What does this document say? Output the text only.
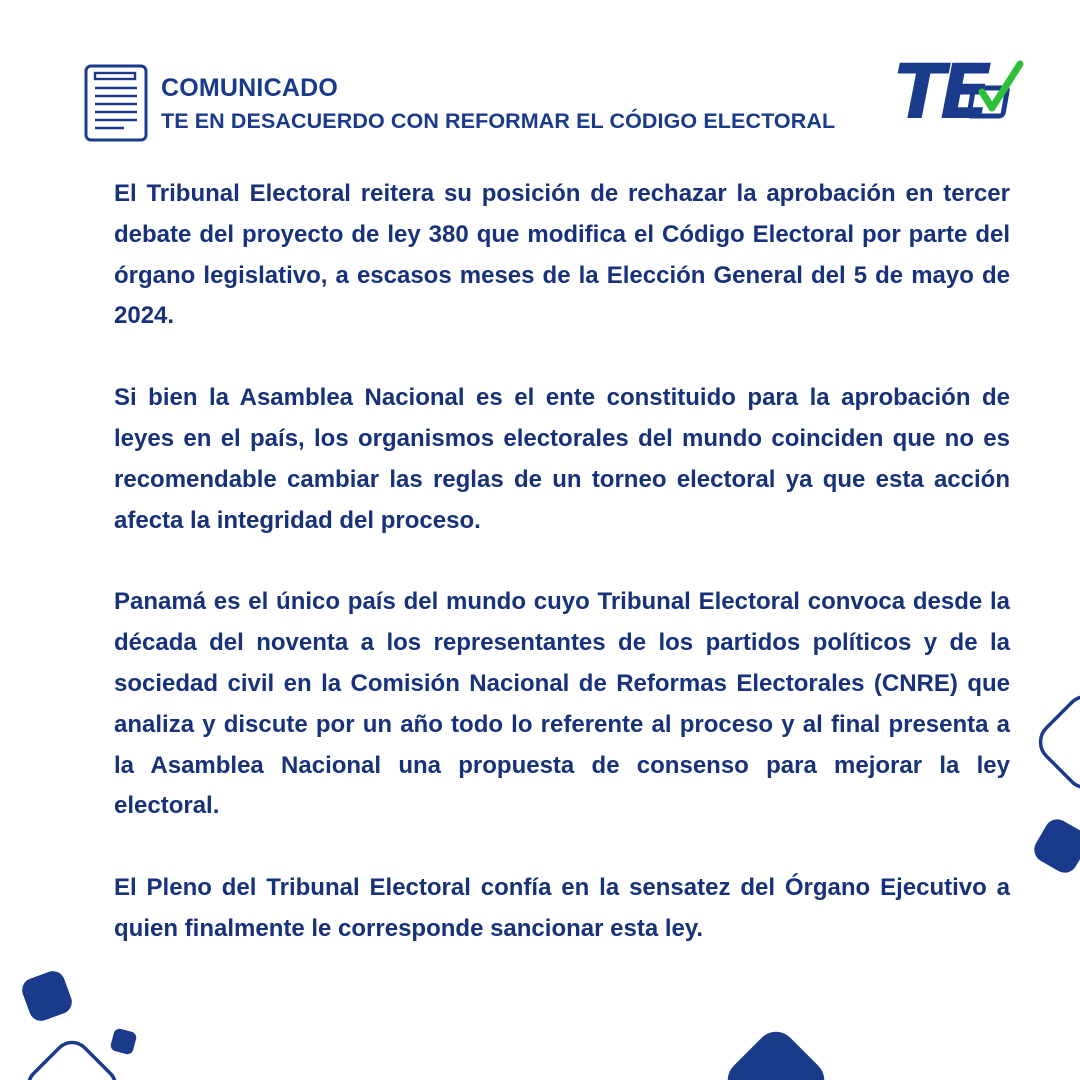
COMUNICADO
TE EN DESACUERDO CON REFORMAR EL CÓDIGO ELECTORAL TE

El Tribunal Electoral reitera su posición de rechazar la aprobación en tercer debate del proyecto de ley 380 que modifica el Código Electoral por parte del órgano legislativo, a escasos meses de la Elección General del 5 de mayo de 2024.

Si bien la Asamblea Nacional es el ente constituido para la aprobación de leyes en el país, los organismos electorales del mundo coinciden que no es recomendable cambiar las reglas de un torneo electoral ya que esta acción afecta la integridad del proceso.

Panamá es el único país del mundo cuyo Tribunal Electoral convoca desde la década del noventa a los representantes de los partidos políticos y de la sociedad civil en la Comisión Nacional de Reformas Electorales (CNRE) que analiza y discute por un año todo lo referente al proceso y al final presenta a la Asamblea Nacional una propuesta de consenso para mejorar la ley electoral.

El Pleno del Tribunal Electoral confía en la sensatez del Órgano Ejecutivo a quien finalmente le corresponde sancionar esta ley.
